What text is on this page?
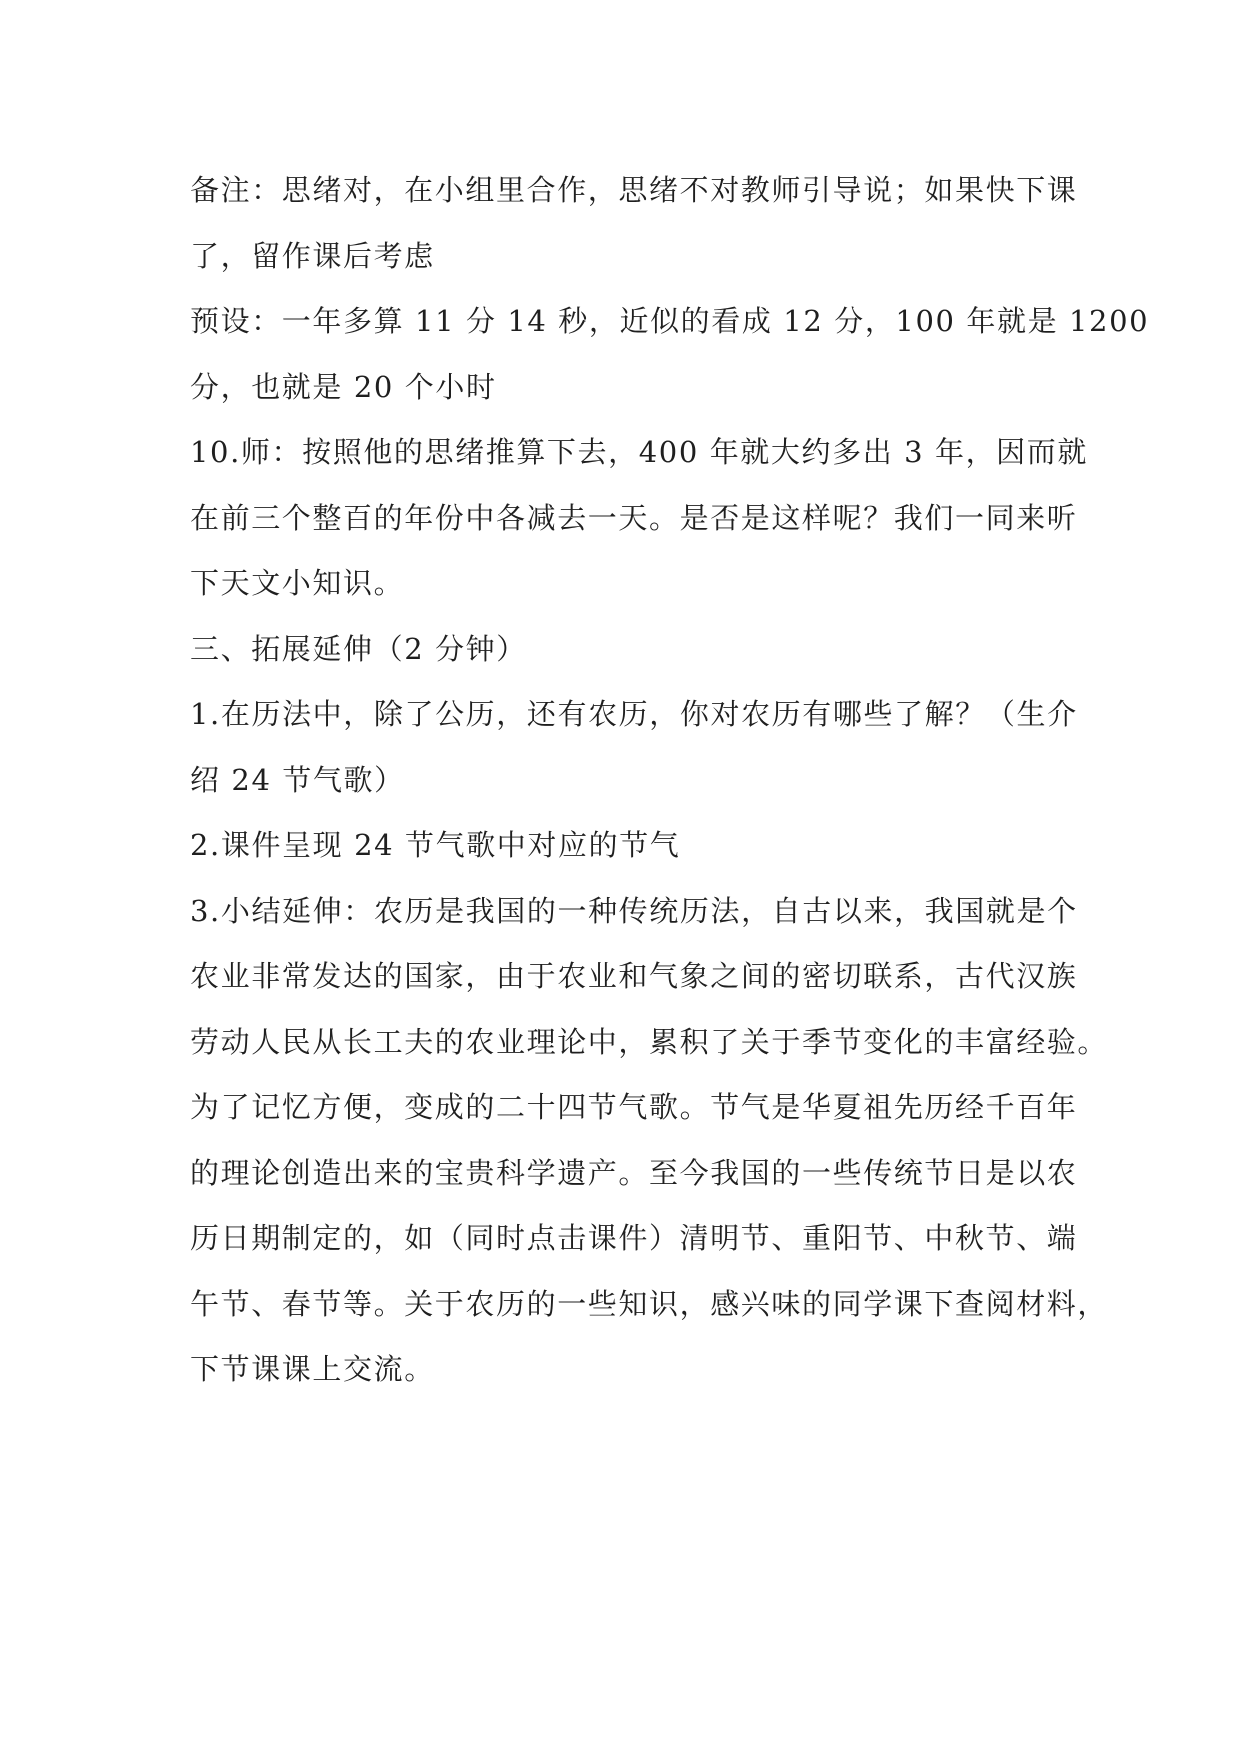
备注：思绪对，在小组里合作，思绪不对教师引导说；如果快下课
了，留作课后考虑
预设：一年多算 11 分 14 秒，近似的看成 12 分，100 年就是 1200
分，也就是 20 个小时
10.师：按照他的思绪推算下去，400 年就大约多出 3 年，因而就
在前三个整百的年份中各减去一天。是否是这样呢？我们一同来听
下天文小知识。
三、拓展延伸（2 分钟）
1.在历法中，除了公历，还有农历，你对农历有哪些了解？（生介
绍 24 节气歌）
2.课件呈现 24 节气歌中对应的节气
3.小结延伸：农历是我国的一种传统历法，自古以来，我国就是个
农业非常发达的国家，由于农业和气象之间的密切联系，古代汉族
劳动人民从长工夫的农业理论中，累积了关于季节变化的丰富经验。
为了记忆方便，变成的二十四节气歌。节气是华夏祖先历经千百年
的理论创造出来的宝贵科学遗产。至今我国的一些传统节日是以农
历日期制定的，如（同时点击课件）清明节、重阳节、中秋节、端
午节、春节等。关于农历的一些知识，感兴味的同学课下查阅材料，
下节课课上交流。
